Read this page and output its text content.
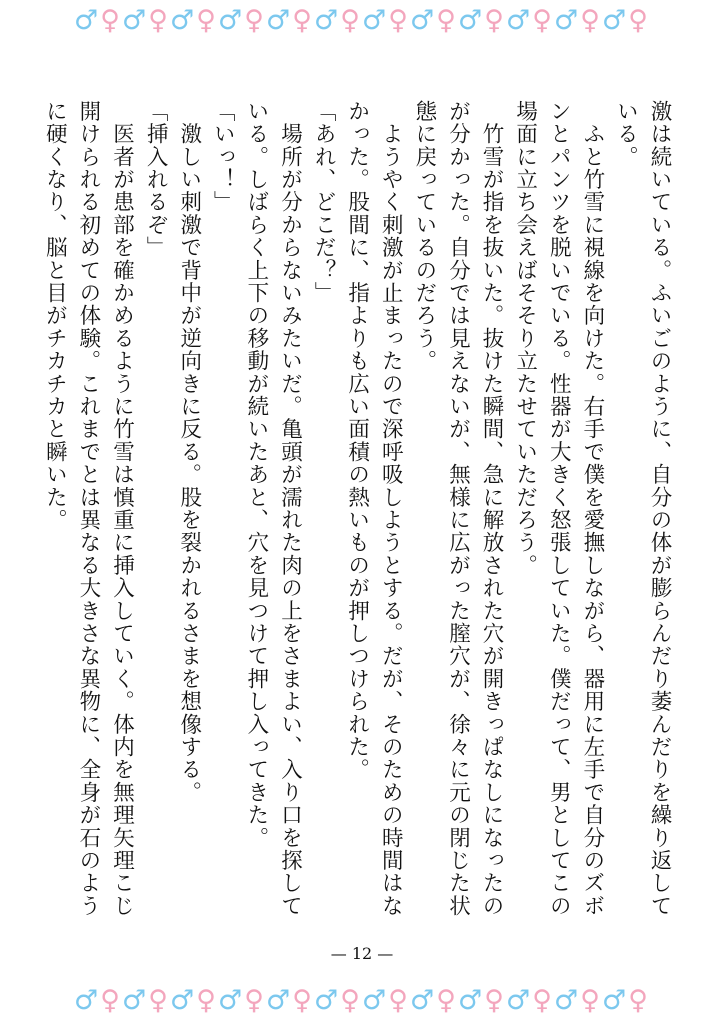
♂ ♀ ♂ ♀ ♂ ♀ ♂ ♀ ♂ ♀ ♂ ♀ ♂ ♀ ♂ ♀ ♂ ♀ ♂ ♀ ♂ ♀ ♂ ♀

激は続いている。ふいごのように、自分の体が膨らんだり萎んだりを繰り返している。

　ふと竹雪に視線を向けた。右手で僕を愛撫しながら、器用に左手で自分のズボンとパンツを脱いでいる。性器が大きく怒張していた。僕だって、男としてこの場面に立ち会えばそそり立たせていただろう。

　竹雪が指を抜いた。抜けた瞬間、急に解放された穴が開きっぱなしになったのが分かった。自分では見えないが、無様に広がった膣穴が、徐々に元の閉じた状態に戻っているのだろう。

　ようやく刺激が止まったので深呼吸しようとする。だが、そのための時間はなかった。股間に、指よりも広い面積の熱いものが押しつけられた。

「あれ、どこだ？」

　場所が分からないみたいだ。亀頭が濡れた肉の上をさまよい、入り口を探している。しばらく上下の移動が続いたあと、穴を見つけて押し入ってきた。

「いっ！」

　激しい刺激で背中が逆向きに反る。股を裂かれるさまを想像する。

「挿入れるぞ」

　医者が患部を確かめるように竹雪は慎重に挿入していく。体内を無理矢理こじ開けられる初めての体験。これまでとは異なる大きさな異物に、全身が石のように硬くなり、脳と目がチカチカと瞬いた。

— 12 —
♂ ♀ ♂ ♀ ♂ ♀ ♂ ♀ ♂ ♀ ♂ ♀ ♂ ♀ ♂ ♀ ♂ ♀ ♂ ♀ ♂ ♀ ♂ ♀
